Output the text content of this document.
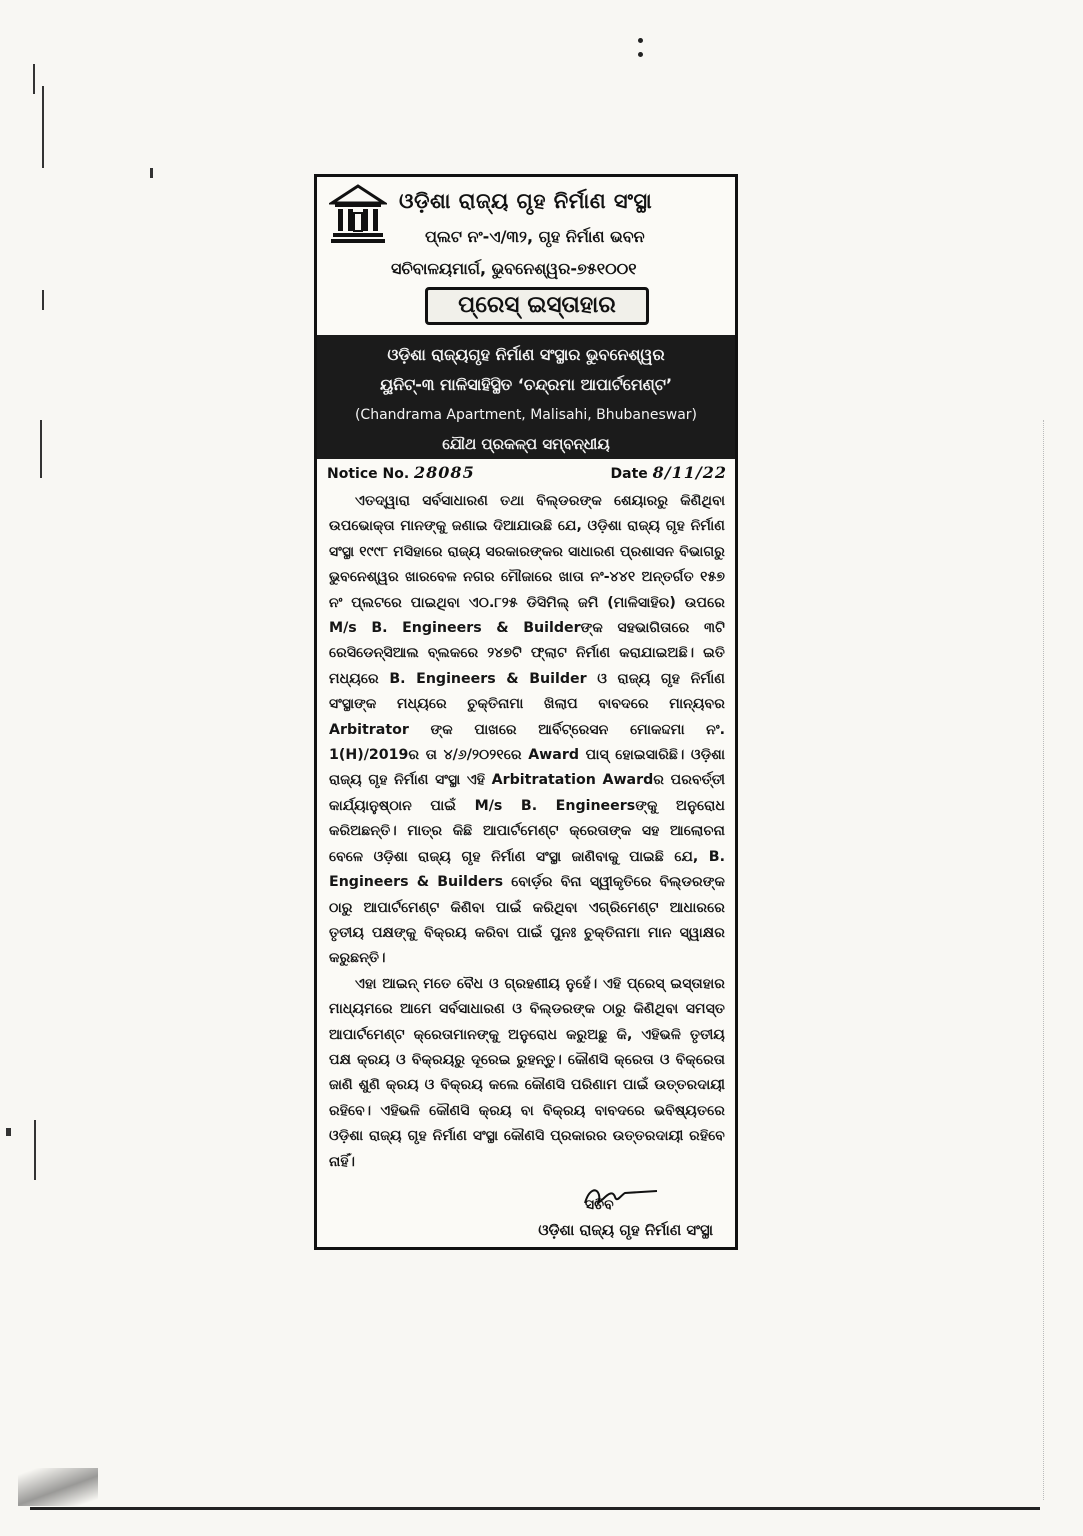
ଓଡ଼ିଶା ରାଜ୍ୟ ଗୃହ ନିର୍ମାଣ ସଂସ୍ଥା
ପ୍ଲଟ ନଂ-ଏ/୩୨, ଗୃହ ନିର୍ମାଣ ଭବନ
ସଚିବାଳୟମାର୍ଗ, ଭୁବନେଶ୍ୱର-୭୫୧୦୦୧
ପ୍ରେସ୍ ଇସ୍ତାହାର
ଓଡ଼ିଶା ରାଜ୍ୟଗୃହ ନିର୍ମାଣ ସଂସ୍ଥାର ଭୁବନେଶ୍ୱର
ୟୁନିଟ୍-୩ ମାଳିସାହିସ୍ଥିତ ‘ଚନ୍ଦ୍ରମା ଆପାର୍ଟମେଣ୍ଟ’
(Chandrama Apartment, Malisahi, Bhubaneswar)
ଯୌଥ ପ୍ରକଳ୍ପ ସମ୍ବନ୍ଧୀୟ
Notice No. 28085	Date 8/11/22

ଏତଦ୍ୱାରା ସର୍ବସାଧାରଣ ତଥା ବିଲ୍ଡରଙ୍କ ଶେୟାରରୁ କିଣିଥିବା ଉପଭୋକ୍ତା ମାନଙ୍କୁ ଜଣାଇ ଦିଆଯାଉଛି ଯେ, ଓଡ଼ିଶା ରାଜ୍ୟ ଗୃହ ନିର୍ମାଣ ସଂସ୍ଥା ୧୯୯୮ ମସିହାରେ ରାଜ୍ୟ ସରକାରଙ୍କର ସାଧାରଣ ପ୍ରଶାସନ ବିଭାଗରୁ ଭୁବନେଶ୍ୱର ଖାରବେଳ ନଗର ମୌଜାରେ ଖାତା ନଂ-୪୪୧ ଅନ୍ତର୍ଗତ ୧୫୭ ନଂ ପ୍ଲଟରେ ପାଇଥିବା ଏ୦.୮୨୫ ଡିସିମିଲ୍ ଜମି (ମାଳିସାହିର) ଉପରେ M/s B. Engineers & Builderଙ୍କ ସହଭାଗିତାରେ ୩ଟି ରେସିଡେନ୍ସିଆଲ ବ୍ଲକରେ ୨୪୭ଟି ଫ୍ଲାଟ ନିର୍ମାଣ କରାଯାଇଅଛି। ଇତି ମଧ୍ୟରେ B. Engineers & Builder ଓ ରାଜ୍ୟ ଗୃହ ନିର୍ମାଣ ସଂସ୍ଥାଙ୍କ ମଧ୍ୟରେ ଚୁକ୍ତିନାମା ଖିଲାପ ବାବଦରେ ମାନ୍ୟବର Arbitrator ଙ୍କ ପାଖରେ ଆର୍ବିଟ୍ରେସନ ମୋକଦ୍ଦମା ନଂ. 1(H)/2019ର ତା ୪/୬/୨୦୨୧ରେ Award ପାସ୍ ହୋଇସାରିଛି। ଓଡ଼ିଶା ରାଜ୍ୟ ଗୃହ ନିର୍ମାଣ ସଂସ୍ଥା ଏହି Arbitratation Awardର ପରବର୍ତ୍ତୀ କାର୍ଯ୍ୟାନୁଷ୍ଠାନ ପାଇଁ M/s B. Engineersଙ୍କୁ ଅନୁରୋଧ କରିଅଛନ୍ତି। ମାତ୍ର କିଛି ଆପାର୍ଟମେଣ୍ଟ କ୍ରେତାଙ୍କ ସହ ଆଲୋଚନା ବେଳେ ଓଡ଼ିଶା ରାଜ୍ୟ ଗୃହ ନିର୍ମାଣ ସଂସ୍ଥା ଜାଣିବାକୁ ପାଇଛି ଯେ, B. Engineers & Builders ବୋର୍ଡ଼ର ବିନା ସ୍ୱୀକୃତିରେ ବିଲ୍ଡରଙ୍କ ଠାରୁ ଆପାର୍ଟମେଣ୍ଟ କିଣିବା ପାଇଁ କରିଥିବା ଏଗ୍ରିମେଣ୍ଟ ଆଧାରରେ ତୃତୀୟ ପକ୍ଷଙ୍କୁ ବିକ୍ରୟ କରିବା ପାଇଁ ପୁନଃ ଚୁକ୍ତିନାମା ମାନ ସ୍ୱାକ୍ଷର କରୁଛନ୍ତି।

ଏହା ଆଇନ୍ ମତେ ବୈଧ ଓ ଗ୍ରହଣୀୟ ନୁହେଁ। ଏହି ପ୍ରେସ୍ ଇସ୍ତାହାର ମାଧ୍ୟମରେ ଆମେ ସର୍ବସାଧାରଣ ଓ ବିଲ୍ଡରଙ୍କ ଠାରୁ କିଣିଥିବା ସମସ୍ତ ଆପାର୍ଟମେଣ୍ଟ କ୍ରେତାମାନଙ୍କୁ ଅନୁରୋଧ କରୁଅଛୁ କି, ଏହିଭଳି ତୃତୀୟ ପକ୍ଷ କ୍ରୟ ଓ ବିକ୍ରୟରୁ ଦୂରେଇ ରୁହନ୍ତୁ। କୌଣସି କ୍ରେତା ଓ ବିକ୍ରେତା ଜାଣି ଶୁଣି କ୍ରୟ ଓ ବିକ୍ରୟ କଲେ କୌଣସି ପରିଣାମ ପାଇଁ ଉତ୍ତରଦାୟୀ ରହିବେ। ଏହିଭଳି କୌଣସି କ୍ରୟ ବା ବିକ୍ରୟ ବାବଦରେ ଭବିଷ୍ୟତରେ ଓଡ଼ିଶା ରାଜ୍ୟ ଗୃହ ନିର୍ମାଣ ସଂସ୍ଥା କୌଣସି ପ୍ରକାରର ଉତ୍ତରଦାୟୀ ରହିବେ ନାହିଁ।

ସଚିବ
ଓଡ଼ିଶା ରାଜ୍ୟ ଗୃହ ନିର୍ମାଣ ସଂସ୍ଥା
